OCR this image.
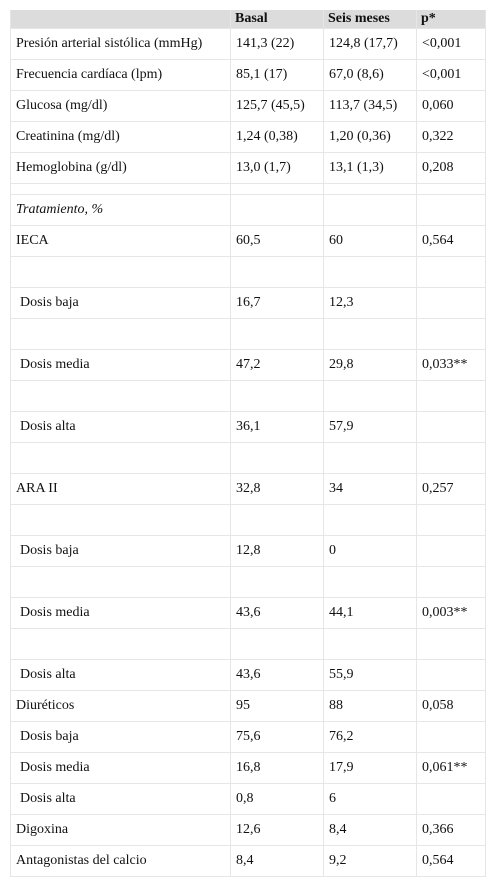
	Basal	Seis meses	p*
Presión arterial sistólica (mmHg)	141,3 (22)	124,8 (17,7)	<0,001
Frecuencia cardíaca (lpm)	85,1 (17)	67,0 (8,6)	<0,001
Glucosa (mg/dl)	125,7 (45,5)	113,7 (34,5)	0,060
Creatinina (mg/dl)	1,24 (0,38)	1,20 (0,36)	0,322
Hemoglobina (g/dl)	13,0 (1,7)	13,1 (1,3)	0,208

Tratamiento, %			
IECA	60,5	60	0,564

Dosis baja	16,7	12,3	

Dosis media	47,2	29,8	0,033**

Dosis alta	36,1	57,9	

ARA II	32,8	34	0,257

Dosis baja	12,8	0	

Dosis media	43,6	44,1	0,003**

Dosis alta	43,6	55,9	
Diuréticos	95	88	0,058
Dosis baja	75,6	76,2	
Dosis media	16,8	17,9	0,061**
Dosis alta	0,8	6	
Digoxina	12,6	8,4	0,366
Antagonistas del calcio	8,4	9,2	0,564
